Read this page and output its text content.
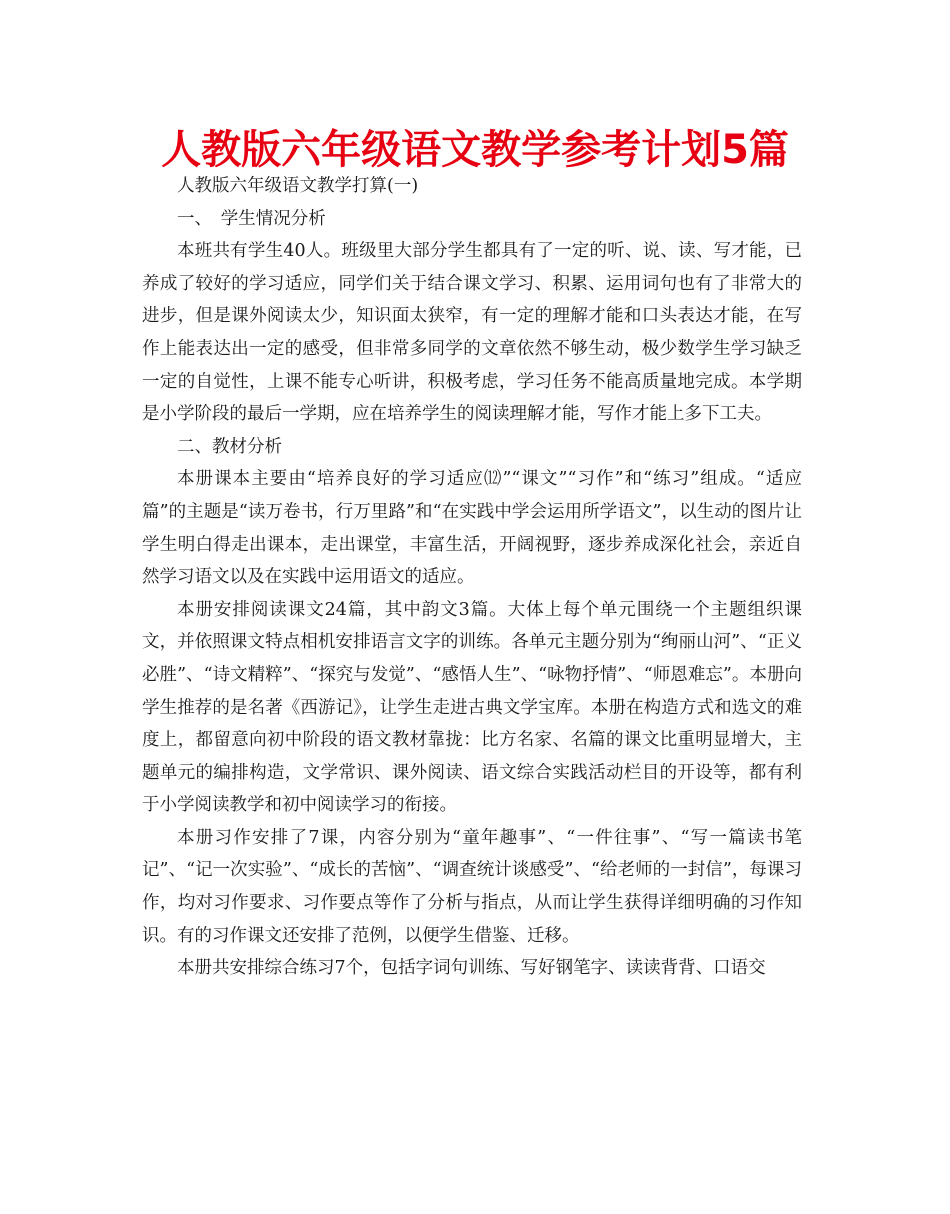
人教版六年级语文教学参考计划5篇

人教版六年级语文教学打算(一)

一、　学生情况分析

本班共有学生40人。班级里大部分学生都具有了一定的听、说、读、写才能，已养成了较好的学习适应，同学们关于结合课文学习、积累、运用词句也有了非常大的进步，但是课外阅读太少，知识面太狭窄，有一定的理解才能和口头表达才能，在写作上能表达出一定的感受，但非常多同学的文章依然不够生动，极少数学生学习缺乏一定的自觉性，上课不能专心听讲，积极考虑，学习任务不能高质量地完成。本学期是小学阶段的最后一学期，应在培养学生的阅读理解才能，写作才能上多下工夫。

二、教材分析

本册课本主要由“培养良好的学习适应⑿”“课文”“习作”和“练习”组成。“适应篇”的主题是“读万卷书，行万里路”和“在实践中学会运用所学语文”，以生动的图片让学生明白得走出课本，走出课堂，丰富生活，开阔视野，逐步养成深化社会，亲近自然学习语文以及在实践中运用语文的适应。

本册安排阅读课文24篇，其中韵文3篇。大体上每个单元围绕一个主题组织课文，并依照课文特点相机安排语言文字的训练。各单元主题分别为“绚丽山河”、“正义必胜”、“诗文精粹”、“探究与发觉”、“感悟人生”、“咏物抒情”、“师恩难忘”。本册向学生推荐的是名著《西游记》，让学生走进古典文学宝库。本册在构造方式和选文的难度上，都留意向初中阶段的语文教材靠拢：比方名家、名篇的课文比重明显增大，主题单元的编排构造，文学常识、课外阅读、语文综合实践活动栏目的开设等，都有利于小学阅读教学和初中阅读学习的衔接。

本册习作安排了7课，内容分别为“童年趣事”、“一件往事”、“写一篇读书笔记”、“记一次实验”、“成长的苦恼”、“调查统计谈感受”、“给老师的一封信”，每课习作，均对习作要求、习作要点等作了分析与指点，从而让学生获得详细明确的习作知识。有的习作课文还安排了范例，以便学生借鉴、迁移。

本册共安排综合练习7个，包括字词句训练、写好钢笔字、读读背背、口语交
